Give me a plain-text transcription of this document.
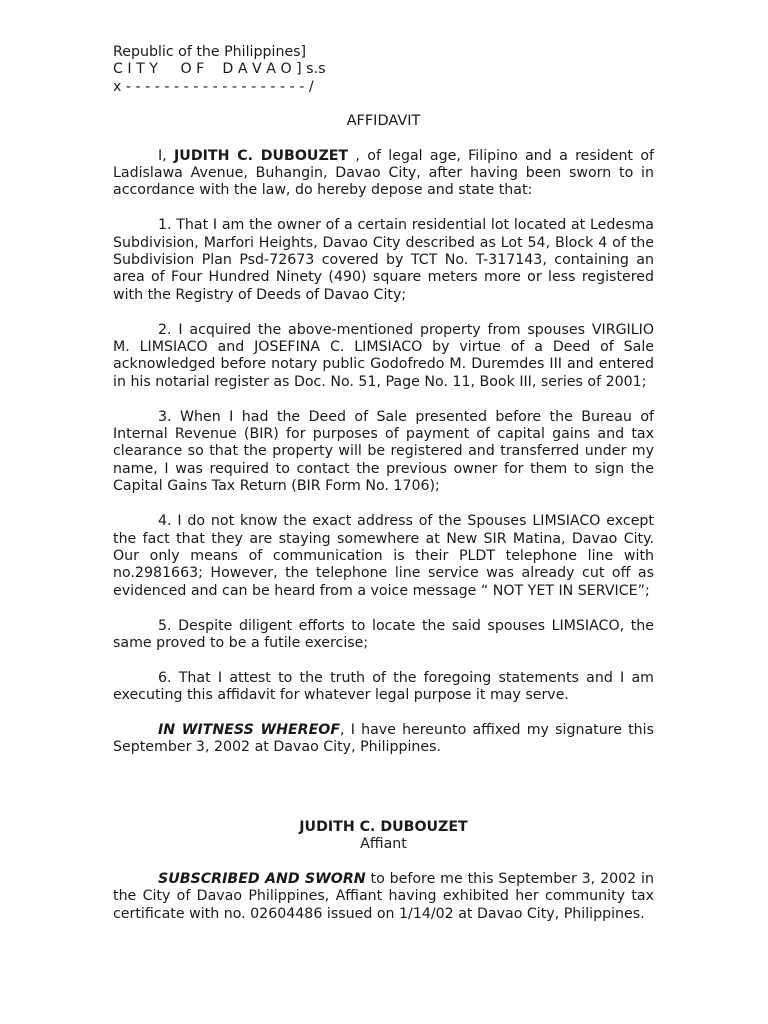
Republic of the Philippines]
C I T Y     O F    D A V A O ] s.s
x - - - - - - - - - - - - - - - - - - - /
AFFIDAVIT

I, JUDITH C. DUBOUZET , of legal age, Filipino and a resident of Ladislawa Avenue, Buhangin, Davao City, after having been sworn to in accordance with the law, do hereby depose and state that:

1. That I am the owner of a certain residential lot located at Ledesma Subdivision, Marfori Heights, Davao City described as Lot 54, Block 4 of the Subdivision Plan Psd-72673 covered by TCT No. T-317143, containing an area of Four Hundred Ninety (490) square meters more or less registered with the Registry of Deeds of Davao City;

2. I acquired the above-mentioned property from spouses VIRGILIO M. LIMSIACO and JOSEFINA C. LIMSIACO by virtue of a Deed of Sale acknowledged before notary public Godofredo M. Duremdes III and entered in his notarial register as Doc. No. 51, Page No. 11, Book III, series of 2001;

3. When I had the Deed of Sale presented before the Bureau of Internal Revenue (BIR) for purposes of payment of capital gains and tax clearance so that the property will be registered and transferred under my name, I was required to contact the previous owner for them to sign the Capital Gains Tax Return (BIR Form No. 1706);

4. I do not know the exact address of the Spouses LIMSIACO except the fact that they are staying somewhere at New SIR Matina, Davao City. Our only means of communication is their PLDT telephone line with no.2981663; However, the telephone line service was already cut off as evidenced and can be heard from a voice message “ NOT YET IN SERVICE”;

5. Despite diligent efforts to locate the said spouses LIMSIACO, the same proved to be a futile exercise;

6. That I attest to the truth of the foregoing statements and I am executing this affidavit for whatever legal purpose it may serve.

IN WITNESS WHEREOF, I have hereunto affixed my signature this September 3, 2002 at Davao City, Philippines.

JUDITH C. DUBOUZET
Affiant

SUBSCRIBED AND SWORN to before me this September 3, 2002 in the City of Davao Philippines, Affiant having exhibited her community tax certificate with no. 02604486 issued on 1/14/02 at Davao City, Philippines.
